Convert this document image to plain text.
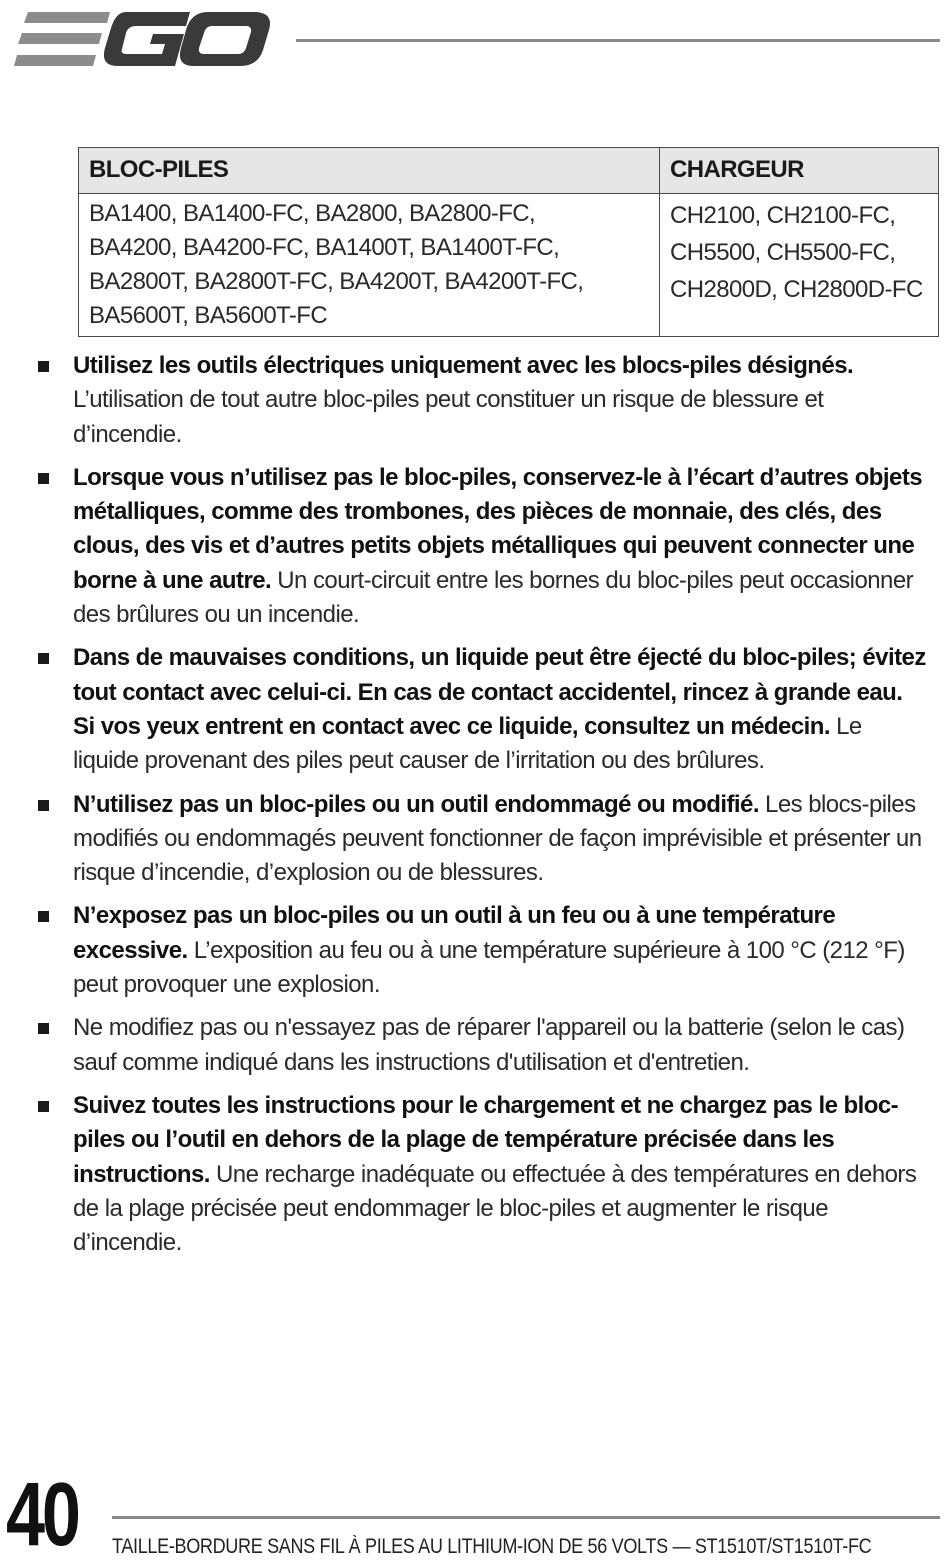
BLOC-PILES	CHARGEUR

BA1400, BA1400-FC, BA2800, BA2800-FC,
BA4200, BA4200-FC, BA1400T, BA1400T-FC,
BA2800T, BA2800T-FC, BA4200T, BA4200T-FC,
BA5600T, BA5600T-FC	CH2100, CH2100-FC,
CH5500, CH5500-FC,
CH2800D, CH2800D-FC
Utilisez les outils électriques uniquement avec les blocs-piles désignés. L’utilisation de tout autre bloc-piles peut constituer un risque de blessure et d’incendie.
Lorsque vous n’utilisez pas le bloc-piles, conservez-le à l’écart d’autres objets métalliques, comme des trombones, des pièces de monnaie, des clés, des clous, des vis et d’autres petits objets métalliques qui peuvent connecter une borne à une autre. Un court-circuit entre les bornes du bloc-piles peut occasionner des brûlures ou un incendie.
Dans de mauvaises conditions, un liquide peut être éjecté du bloc-piles; évitez tout contact avec celui-ci. En cas de contact accidentel, rincez à grande eau. Si vos yeux entrent en contact avec ce liquide, consultez un médecin. Le liquide provenant des piles peut causer de l’irritation ou des brûlures.
N’utilisez pas un bloc-piles ou un outil endommagé ou modifié. Les blocs-piles modifiés ou endommagés peuvent fonctionner de façon imprévisible et présenter un risque d’incendie, d’explosion ou de blessures.
N’exposez pas un bloc-piles ou un outil à un feu ou à une température excessive. L’exposition au feu ou à une température supérieure à 100 °C (212 °F) peut provoquer une explosion.
Ne modifiez pas ou n'essayez pas de réparer l'appareil ou la batterie (selon le cas) sauf comme indiqué dans les instructions d'utilisation et d'entretien.
Suivez toutes les instructions pour le chargement et ne chargez pas le bloc-piles ou l’outil en dehors de la plage de température précisée dans les instructions. Une recharge inadéquate ou effectuée à des températures en dehors de la plage précisée peut endommager le bloc-piles et augmenter le risque d’incendie.
40 TAILLE-BORDURE SANS FIL À PILES AU LITHIUM-ION DE 56 VOLTS — ST1510T/ST1510T-FC
